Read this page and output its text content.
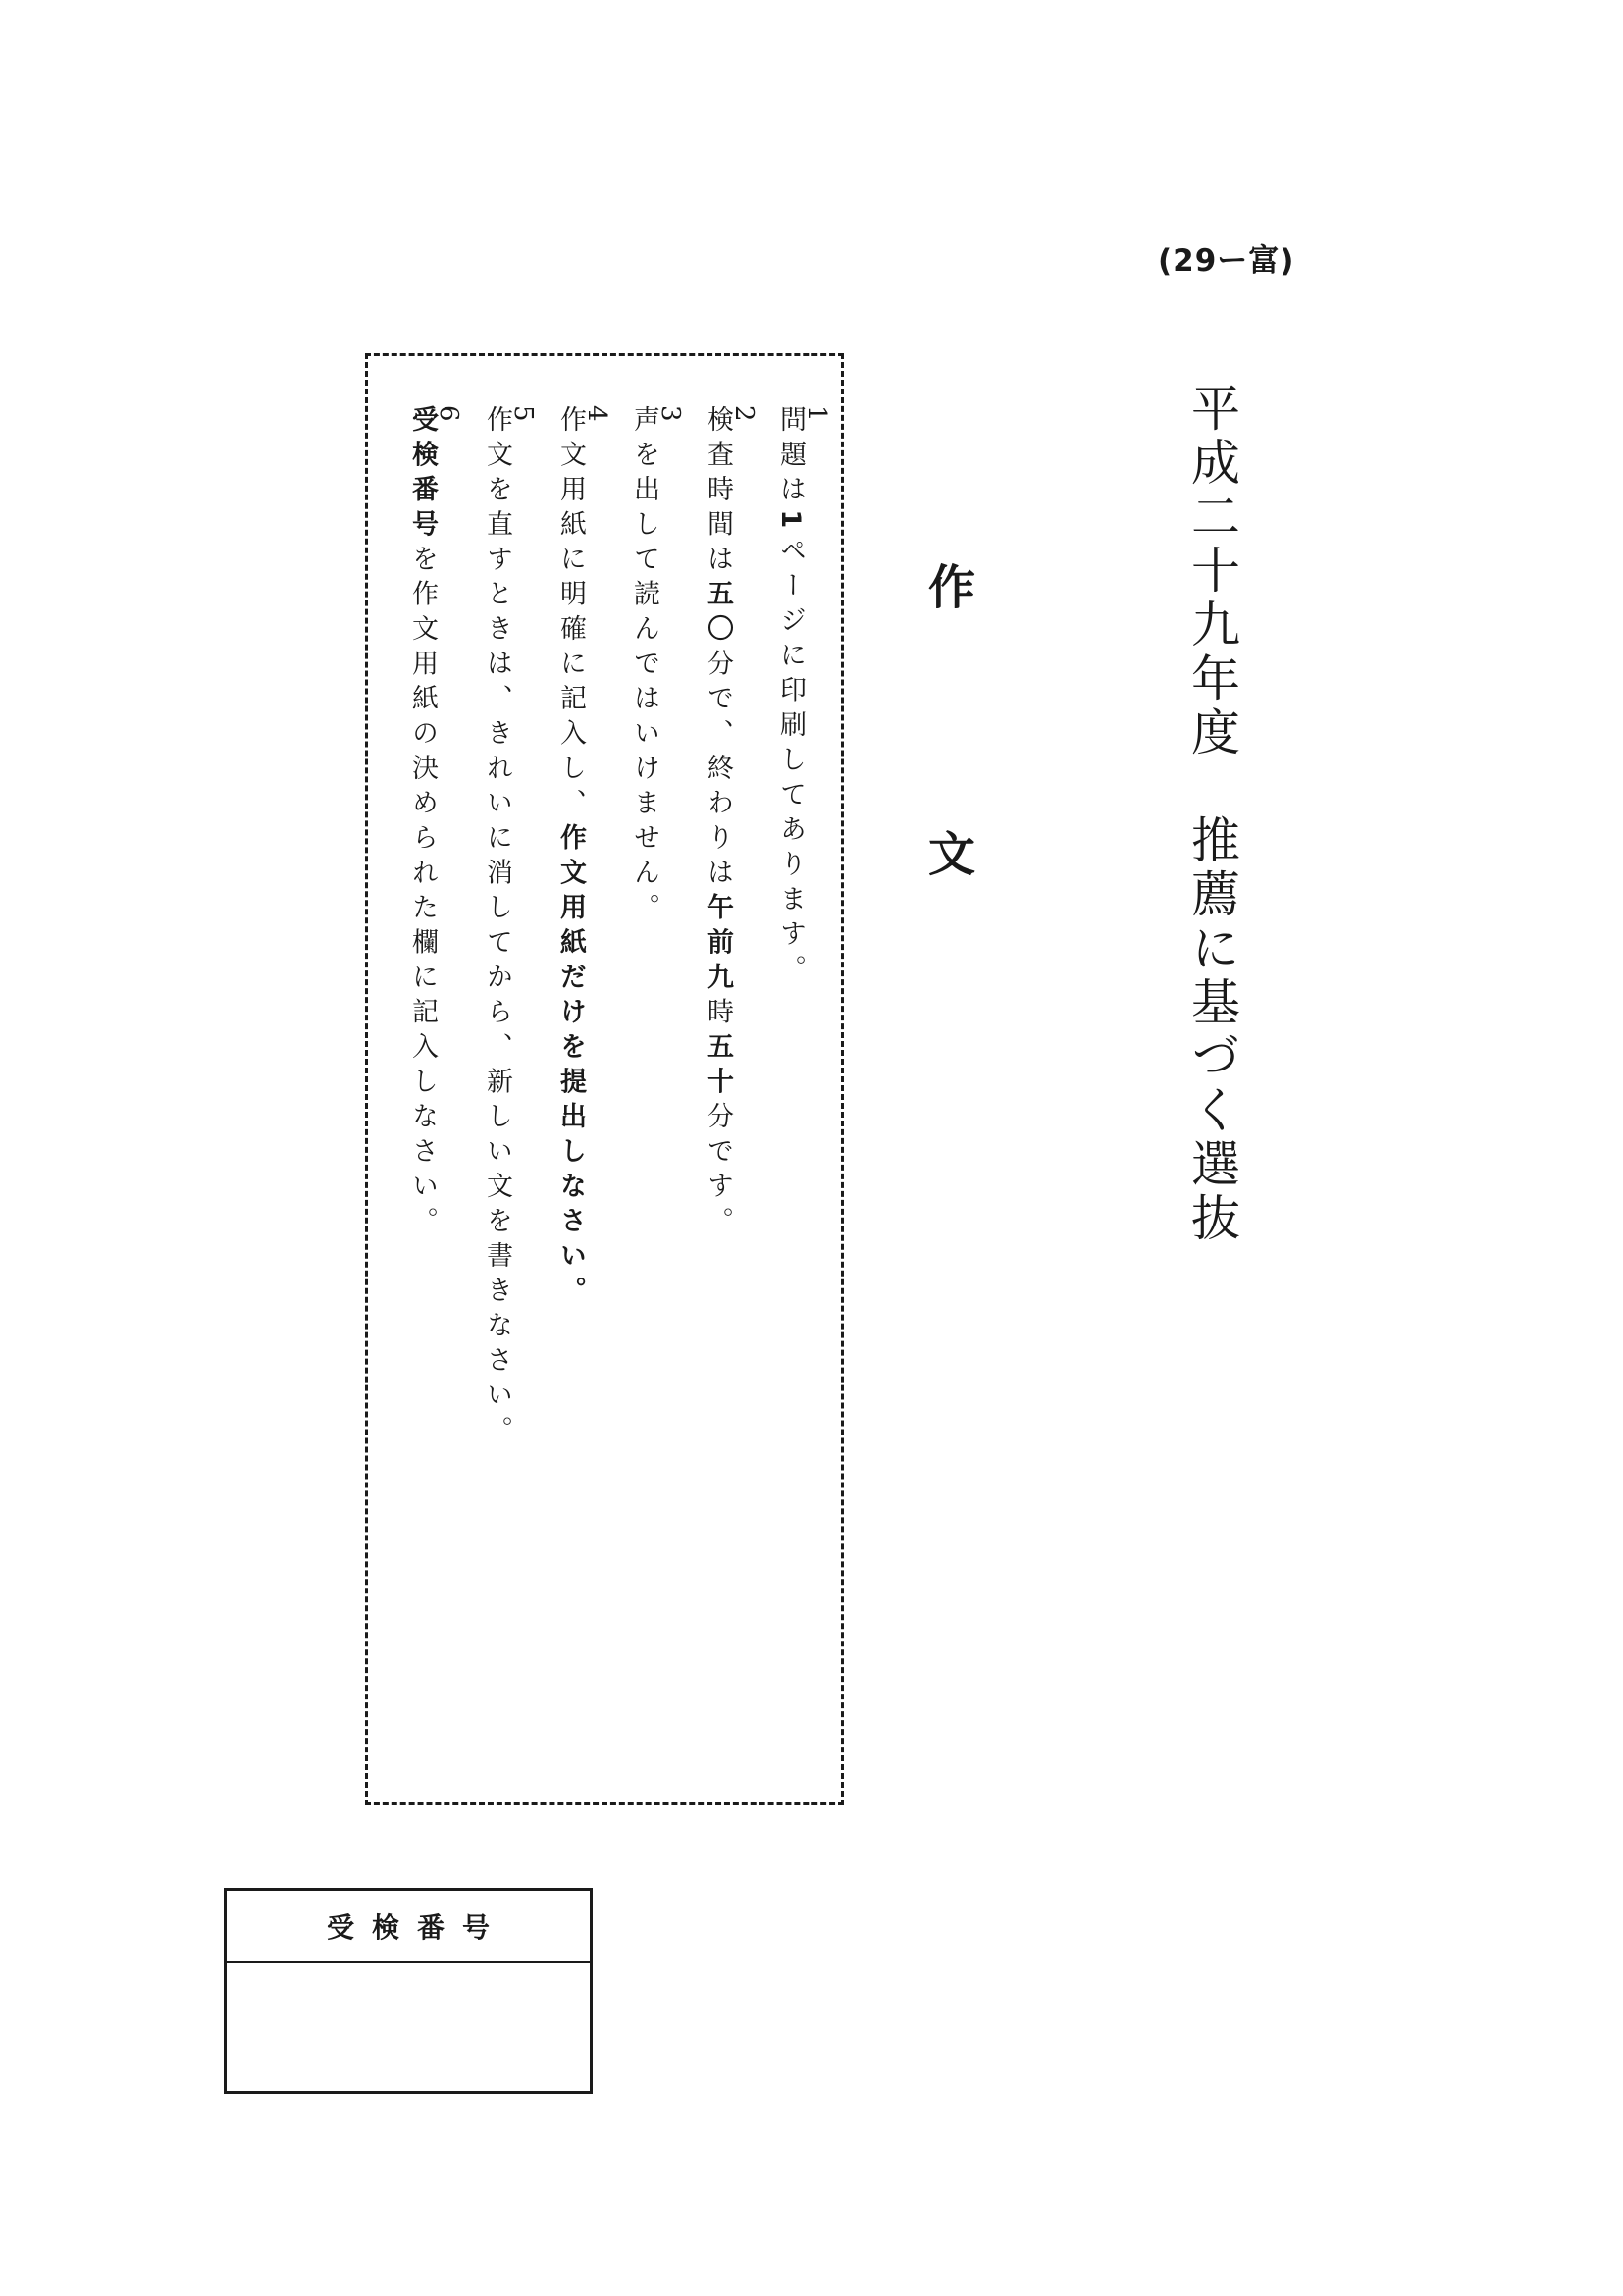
(29ー富)
平成二十九年度　推薦に基づく選抜
作
文
1
問題は1ページに印刷してあります。
2
検査時間は五〇分で、終わりは午前九時五十分です。
3
声を出して読んではいけません。
4
作文用紙に明確に記入し、作文用紙だけを提出しなさい。
5
作文を直すときは、きれいに消してから、新しい文を書きなさい。
6
受検番号を作文用紙の決められた欄に記入しなさい。
受検番号
